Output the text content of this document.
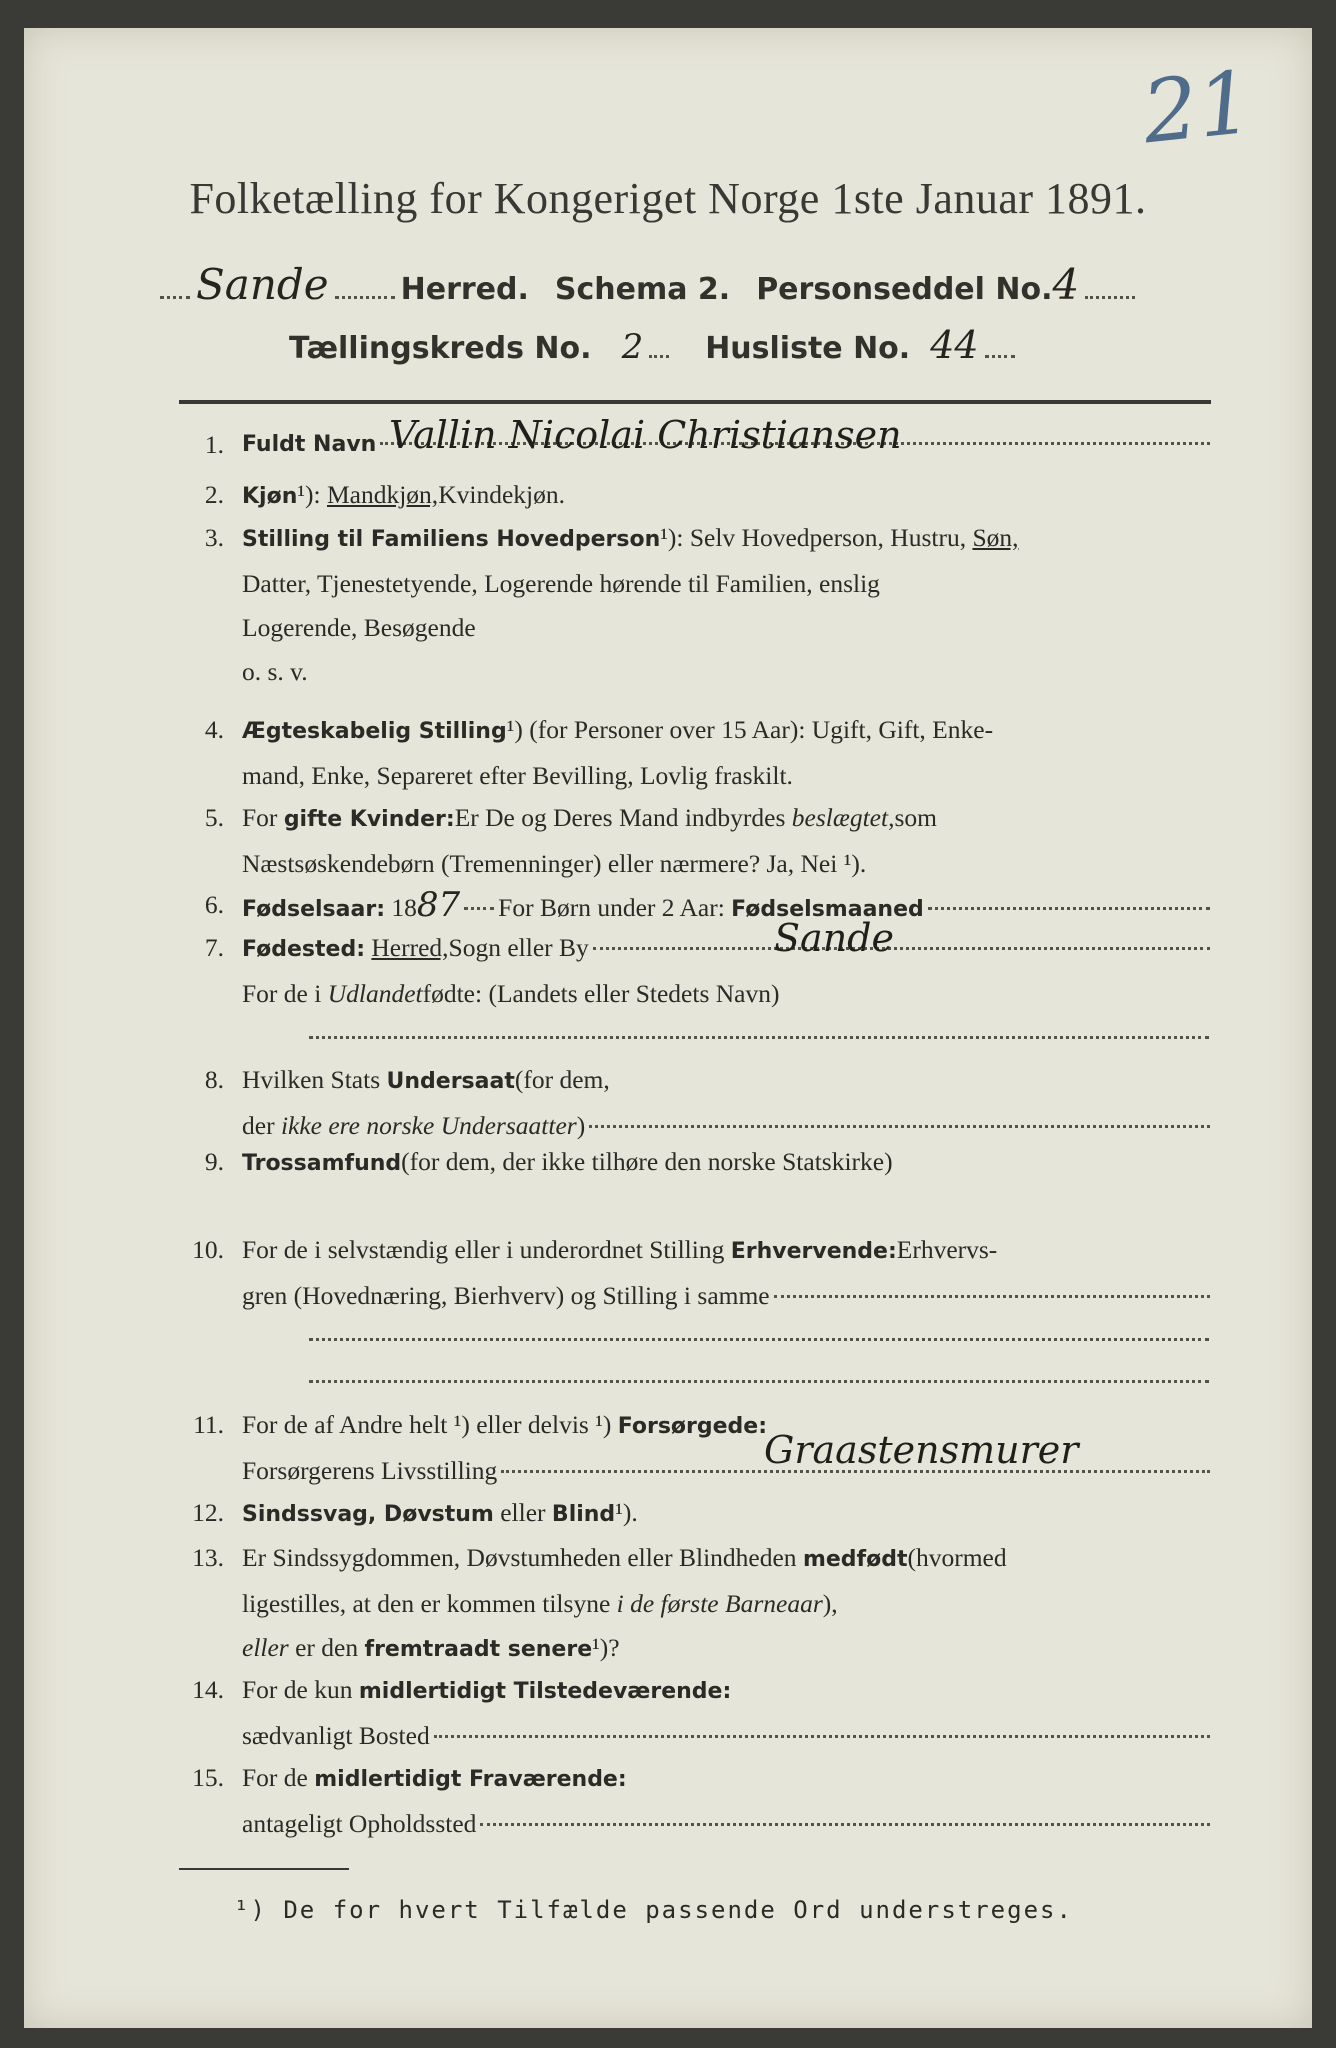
21
Folketælling for Kongeriget Norge 1ste Januar 1891.
Sande Herred. Schema 2. Personseddel No. 4
Tællingskreds No. 2 Husliste No. 44
1. Fuldt Navn Vallin Nicolai Christiansen
2. Kjøn ¹):
Mandkjøn, Kvindekjøn.
3. Stilling til Familiens Hovedperson ¹): Selv Hovedperson, Hustru,
Søn,
Datter, Tjenestetyende, Logerende hørende til Familien, enslig
Logerende, Besøgende
o. s. v.
4. Ægteskabelig Stilling ¹) (for Personer over 15 Aar): Ugift, Gift, Enke-
mand, Enke, Separeret efter Bevilling, Lovlig fraskilt.
5. For
gifte Kvinder: Er De og Deres Mand indbyrdes
beslægtet, som
Næstsøskendebørn (Tremenninger) eller nærmere? Ja, Nei ¹).
6. Fødselsaar:
18 87 For Børn under 2 Aar:
Fødselsmaaned
7. Fødested:
Herred, Sogn eller By
For de i
Udlandet fødte: (Landets eller Stedets Navn)
Sande
8. Hvilken Stats
Undersaat (for dem,
der
ikke ere norske Undersaatter )
9. Trossamfund (for dem, der ikke tilhøre den norske Statskirke)
10. For de i selvstændig eller i underordnet Stilling
Erhvervende: Erhvervs-
gren (Hovednæring, Bierhverv) og Stilling i samme
11. For de af Andre helt ¹) eller delvis ¹)
Forsørgede:
Forsørgerens Livsstilling	Graastensmurer
12. Sindssvag, Døvstum eller Blind ¹).
13. Er Sindssygdommen, Døvstumheden eller Blindheden
medfødt (hvormed
ligestilles, at den er kommen tilsyne
i de første Barneaar ),
eller er den
fremtraadt senere ¹)?
14. For de kun
midlertidigt Tilstedeværende:
sædvanligt Bosted
15. For de
midlertidigt Fraværende:
antageligt Opholdssted
¹) De for hvert Tilfælde passende Ord understreges.
